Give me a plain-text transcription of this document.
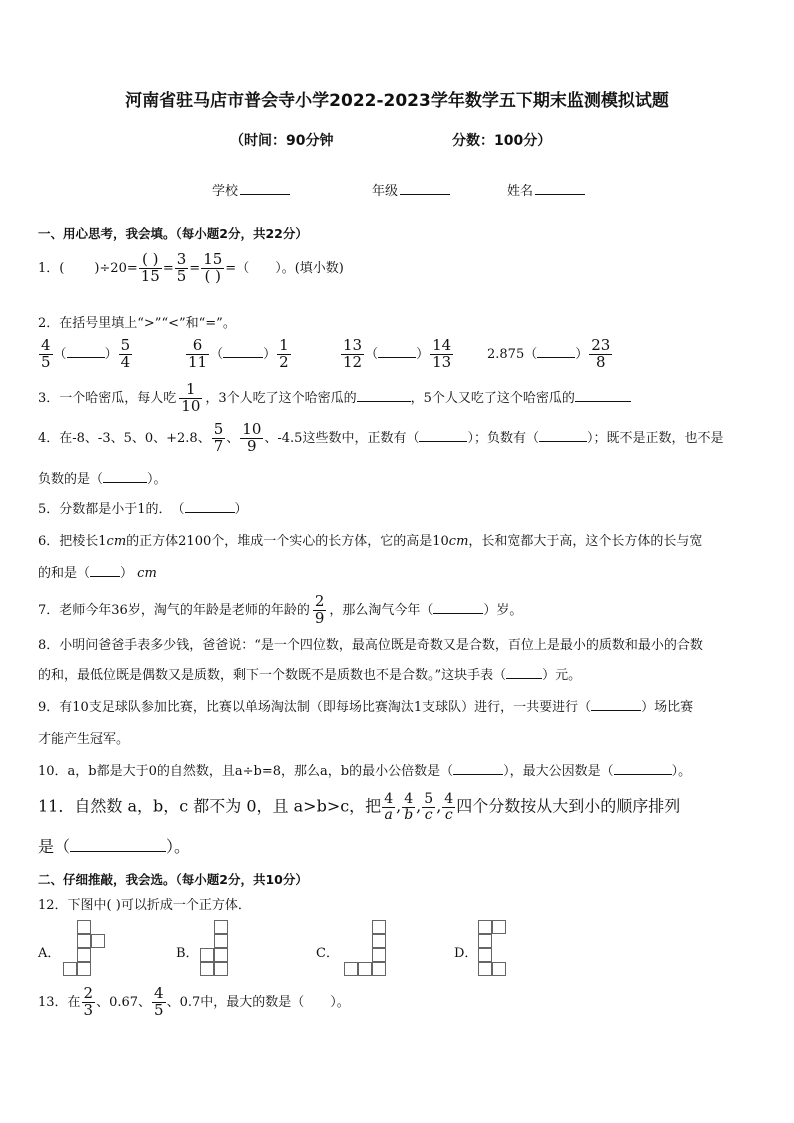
河南省驻马店市普会寺小学2022-2023学年数学五下期末监测模拟试题
（时间：90分钟	分数：100分）
学校	年级	姓名
一、用心思考，我会填。（每小题2分，共22分）
1．( )$\div 20= \frac{( )}{15} = \frac{3}{5} = \frac{15}{( )}$ =（　　）。(填小数)
2．在括号里填上“>”“<”和“=”。
$\frac{4}{5}$ （	） $\frac{5}{4}$	$\frac{6}{11}$ （	） $\frac{1}{2}$	$\frac{13}{12}$ （	） $\frac{14}{13}$	2.875（	） $\frac{23}{8}$
3．一个哈密瓜，每人吃 $\frac{1}{10}$ ，3个人吃了这个哈密瓜的	，5个人又吃了这个哈密瓜的
4．在-8、-3、5、0、+2.8、 $\frac{5}{7}$ 、 $\frac{10}{9}$ 、-4.5这些数中，正数有（	）；负数有（	）；既不是正数，也不是
负数的是（	）。
5．分数都是小于1的．　（	）
6．把棱长1cm的正方体2100个，堆成一个实心的长方体，它的高是10cm，长和宽都大于高，这个长方体的长与宽
的和是（ ） cm
7．老师今年36岁，淘气的年龄是老师的年龄的 $\frac{2}{9}$ ，那么淘气今年（	）岁。
8．小明问爸爸手表多少钱，爸爸说：“是一个四位数，最高位既是奇数又是合数，百位上是最小的质数和最小的合数
的和，最低位既是偶数又是质数，剩下一个数既不是质数也不是合数。”这块手表（	）元。
9．有10支足球队参加比赛，比赛以单场淘汰制（即每场比赛淘汰1支球队）进行，一共要进行（	）场比赛
才能产生冠军。
10．a，b都是大于0的自然数，且a÷b=8，那么a，b的最小公倍数是（	），最大公因数是（	）。
11．自然数 a，b，c 都不为 0，且 a>b>c，把 $\frac{4}{a}$ , $\frac{4}{b}$ , $\frac{5}{c}$ , $\frac{4}{c}$ 四个分数按从大到小的顺序排列
是（	）。
二、仔细推敲，我会选。（每小题2分，共10分）
12．下图中( )可以折成一个正方体．
A．	B．	C．	D．
13．在 $\frac{2}{3}$ 、0.67、 $\frac{4}{5}$ 、0.7中，最大的数是（　　）。
